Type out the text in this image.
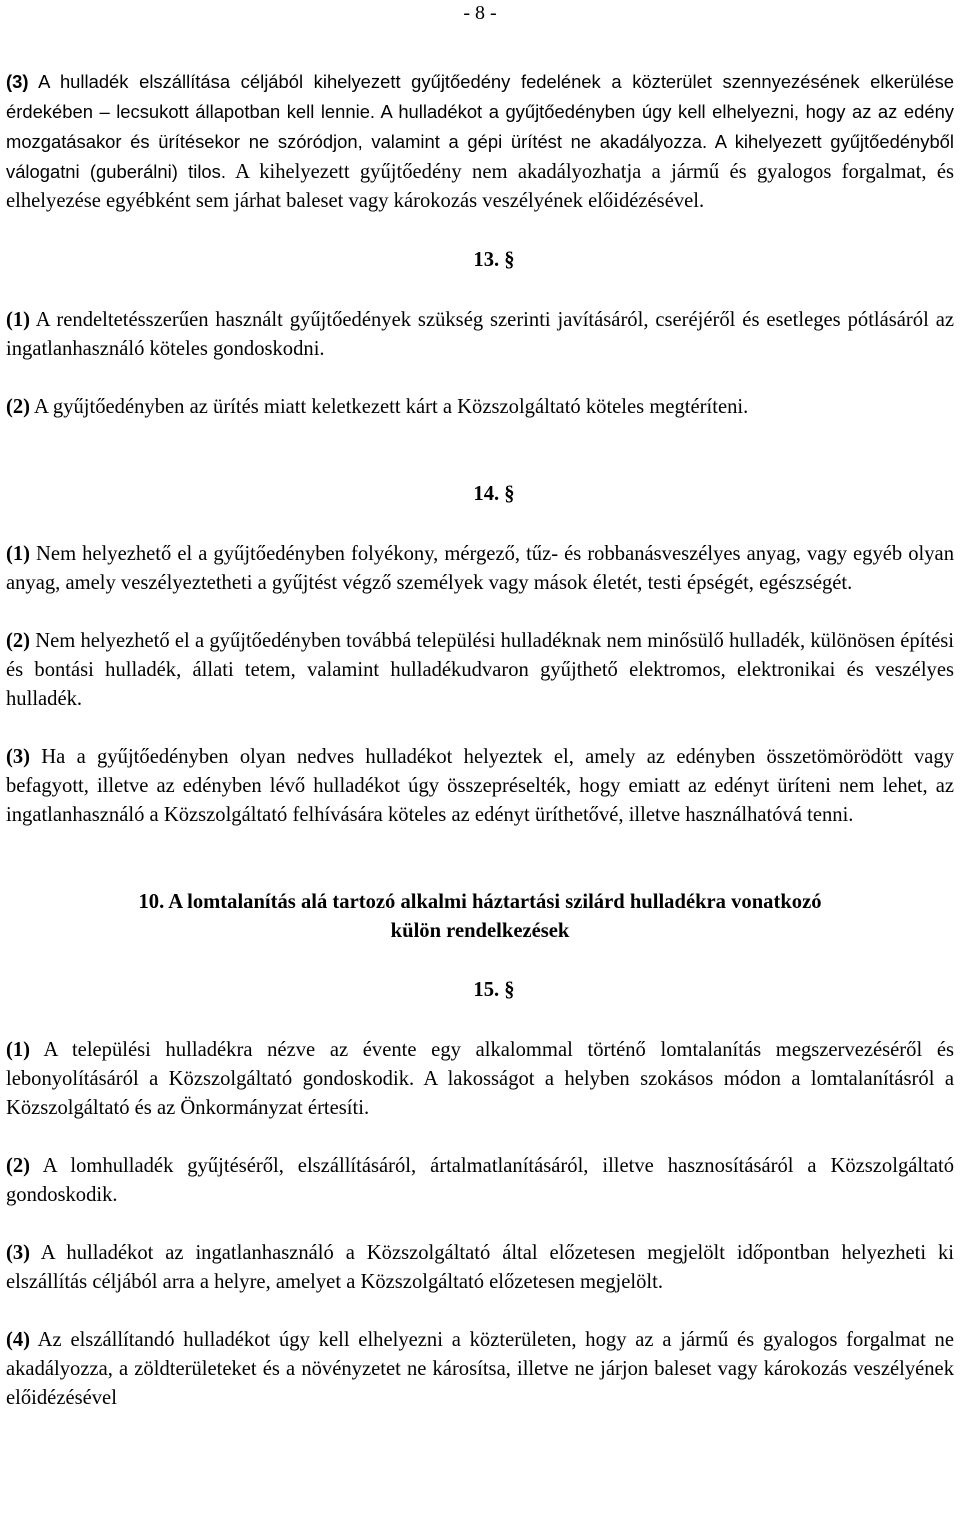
- 8 -

(3) A hulladék elszállítása céljából kihelyezett gyűjtőedény fedelének a közterület szennyezésének elkerülése érdekében – lecsukott állapotban kell lennie. A hulladékot a gyűjtőedényben úgy kell elhelyezni, hogy az az edény mozgatásakor és ürítésekor ne szóródjon, valamint a gépi ürítést ne akadályozza. A kihelyezett gyűjtőedényből válogatni (guberálni) tilos. A kihelyezett gyűjtőedény nem akadályozhatja a jármű és gyalogos forgalmat, és elhelyezése egyébként sem járhat baleset vagy károkozás veszélyének előidézésével.

13. §

(1) A rendeltetésszerűen használt gyűjtőedények szükség szerinti javításáról, cseréjéről és esetleges pótlásáról az ingatlanhasználó köteles gondoskodni.

(2) A gyűjtőedényben az ürítés miatt keletkezett kárt a Közszolgáltató köteles megtéríteni.

14. §

(1) Nem helyezhető el a gyűjtőedényben folyékony, mérgező, tűz- és robbanásveszélyes anyag, vagy egyéb olyan anyag, amely veszélyeztetheti a gyűjtést végző személyek vagy mások életét, testi épségét, egészségét.

(2) Nem helyezhető el a gyűjtőedényben továbbá települési hulladéknak nem minősülő hulladék, különösen építési és bontási hulladék, állati tetem, valamint hulladékudvaron gyűjthető elektromos, elektronikai és veszélyes hulladék.

(3) Ha a gyűjtőedényben olyan nedves hulladékot helyeztek el, amely az edényben összetömörödött vagy befagyott, illetve az edényben lévő hulladékot úgy összepréselték, hogy emiatt az edényt üríteni nem lehet, az ingatlanhasználó a Közszolgáltató felhívására köteles az edényt üríthetővé, illetve használhatóvá tenni.

10. A lomtalanítás alá tartozó alkalmi háztartási szilárd hulladékra vonatkozó
külön rendelkezések

15. §

(1) A települési hulladékra nézve az évente egy alkalommal történő lomtalanítás megszervezéséről és lebonyolításáról a Közszolgáltató gondoskodik. A lakosságot a helyben szokásos módon a lomtalanításról a Közszolgáltató és az Önkormányzat értesíti.

(2) A lomhulladék gyűjtéséről, elszállításáról, ártalmatlanításáról, illetve hasznosításáról a Közszolgáltató gondoskodik.

(3) A hulladékot az ingatlanhasználó a Közszolgáltató által előzetesen megjelölt időpontban helyezheti ki elszállítás céljából arra a helyre, amelyet a Közszolgáltató előzetesen megjelölt.

(4) Az elszállítandó hulladékot úgy kell elhelyezni a közterületen, hogy az a jármű és gyalogos forgalmat ne akadályozza, a zöldterületeket és a növényzetet ne károsítsa, illetve ne járjon baleset vagy károkozás veszélyének előidézésével
